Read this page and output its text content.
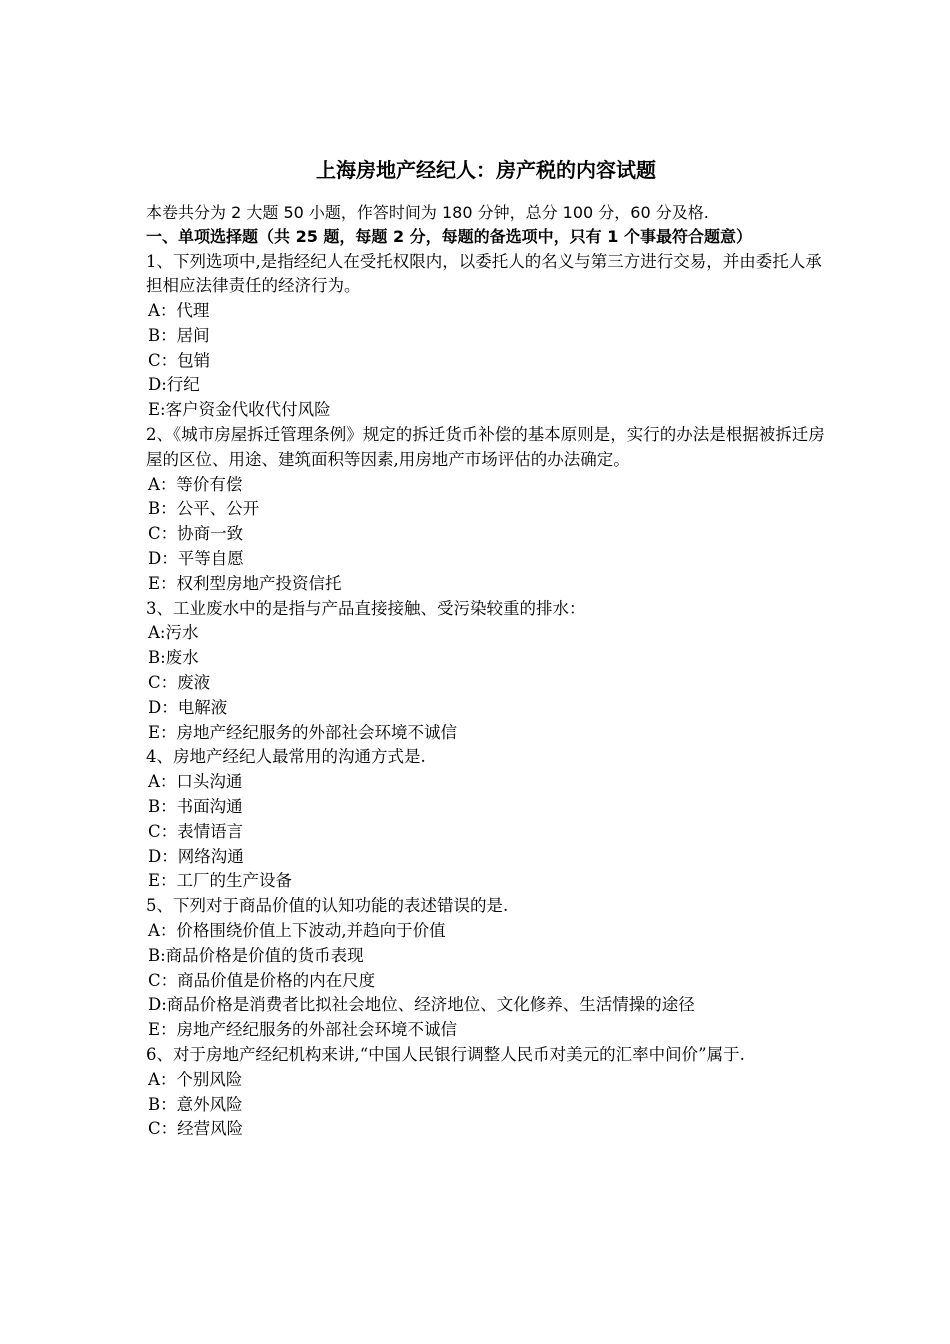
上海房地产经纪人：房产税的内容试题

本卷共分为 2 大题 50 小题，作答时间为 180 分钟，总分 100 分，60 分及格.

一、单项选择题（共 25 题，每题 2 分，每题的备选项中，只有 1 个事最符合题意）

1、下列选项中,是指经纪人在受托权限内，以委托人的名义与第三方进行交易，并由委托人承担相应法律责任的经济行为。

A：代理

B：居间

C：包销

D:行纪

E:客户资金代收代付风险

2、《城市房屋拆迁管理条例》规定的拆迁货币补偿的基本原则是，实行的办法是根据被拆迁房屋的区位、用途、建筑面积等因素,用房地产市场评估的办法确定。

A：等价有偿

B：公平、公开

C：协商一致

D：平等自愿

E：权利型房地产投资信托

3、工业废水中的是指与产品直接接触、受污染较重的排水：

A:污水

B:废水

C：废液

D：电解液

E：房地产经纪服务的外部社会环境不诚信

4、房地产经纪人最常用的沟通方式是.

A：口头沟通

B：书面沟通

C：表情语言

D：网络沟通

E：工厂的生产设备

5、下列对于商品价值的认知功能的表述错误的是.

A：价格围绕价值上下波动,并趋向于价值

B:商品价格是价值的货币表现

C：商品价值是价格的内在尺度

D:商品价格是消费者比拟社会地位、经济地位、文化修养、生活情操的途径

E：房地产经纪服务的外部社会环境不诚信

6、对于房地产经纪机构来讲,“中国人民银行调整人民币对美元的汇率中间价”属于.

A：个别风险

B：意外风险

C：经营风险
